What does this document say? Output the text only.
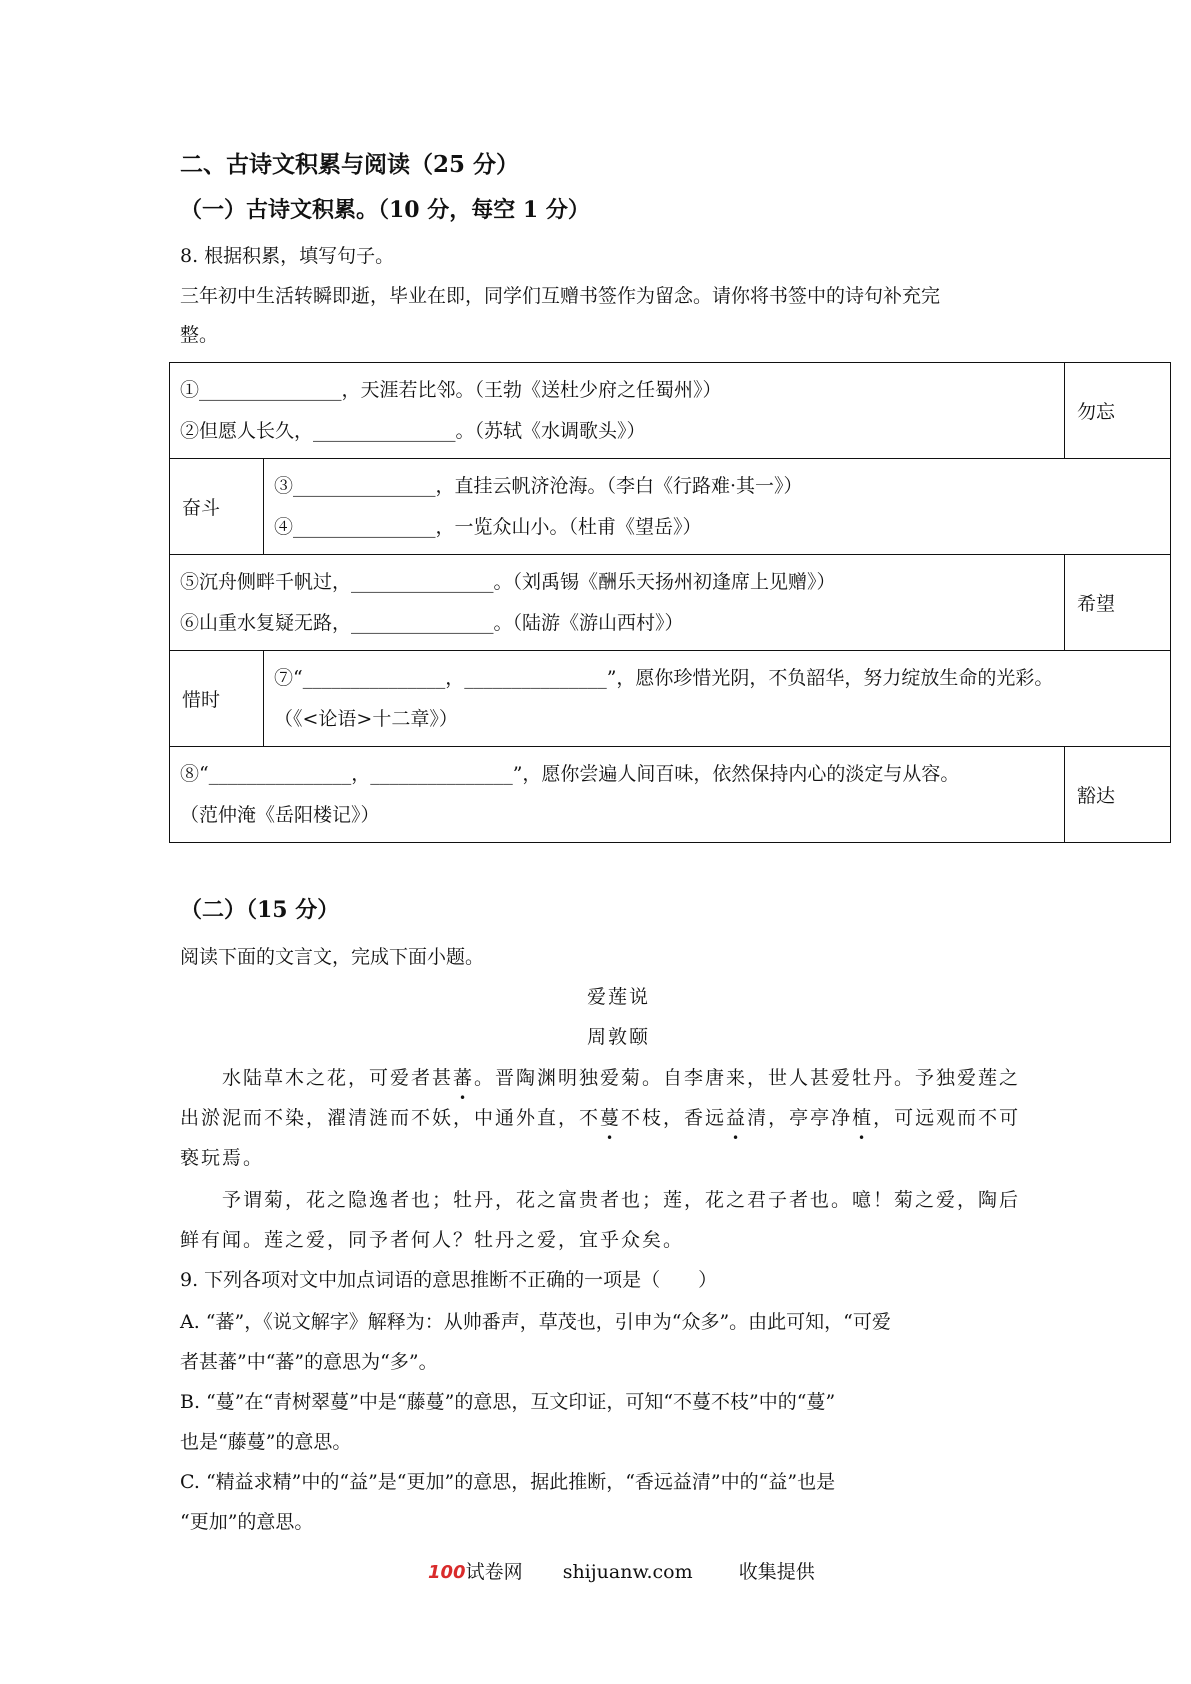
二、古诗文积累与阅读（25 分）
（一）古诗文积累。（10 分，每空 1 分）
8. 根据积累，填写句子。
三年初中生活转瞬即逝，毕业在即，同学们互赠书签作为留念。请你将书签中的诗句补充完
整。
①_______________，天涯若比邻。（王勃《送杜少府之任蜀州》）
②但愿人长久，_______________。（苏轼《水调歌头》）		勿忘
奋斗	③_______________，直挂云帆济沧海。（李白《行路难·其一》）
④_______________，一览众山小。（杜甫《望岳》）	

⑤沉舟侧畔千帆过，_______________。（刘禹锡《酬乐天扬州初逢席上见赠》）
⑥山重水复疑无路，_______________。（陆游《游山西村》）		希望
惜时	⑦“_______________，_______________”，愿你珍惜光阴，不负韶华，努力绽放生命的光彩。
（《<论语>十二章》）	

⑧“_______________，_______________”，愿你尝遍人间百味，依然保持内心的淡定与从容。
（范仲淹《岳阳楼记》）		豁达
（二）（15 分）
阅读下面的文言文，完成下面小题。
爱莲说
周敦颐
水陆草木之花，可爱者甚蕃。晋陶渊明独爱菊。自李唐来，世人甚爱牡丹。予独爱莲之
出淤泥而不染，濯清涟而不妖，中通外直，不蔓不枝，香远益清，亭亭净植，可远观而不可
亵玩焉。
予谓菊，花之隐逸者也；牡丹，花之富贵者也；莲，花之君子者也。噫！菊之爱，陶后
鲜有闻。莲之爱，同予者何人？牡丹之爱，宜乎众矣。
9. 下列各项对文中加点词语的意思推断不正确的一项是（　　）
A. “蕃”，《说文解字》解释为：从帅番声，草茂也，引申为“众多”。由此可知，“可爱
者甚蕃”中“蕃”的意思为“多”。
B. “蔓”在“青树翠蔓”中是“藤蔓”的意思，互文印证，可知“不蔓不枝”中的“蔓”
也是“藤蔓”的意思。
C. “精益求精”中的“益”是“更加”的意思，据此推断，“香远益清”中的“益”也是
“更加”的意思。
100试卷网 shijuanw.com 收集提供
